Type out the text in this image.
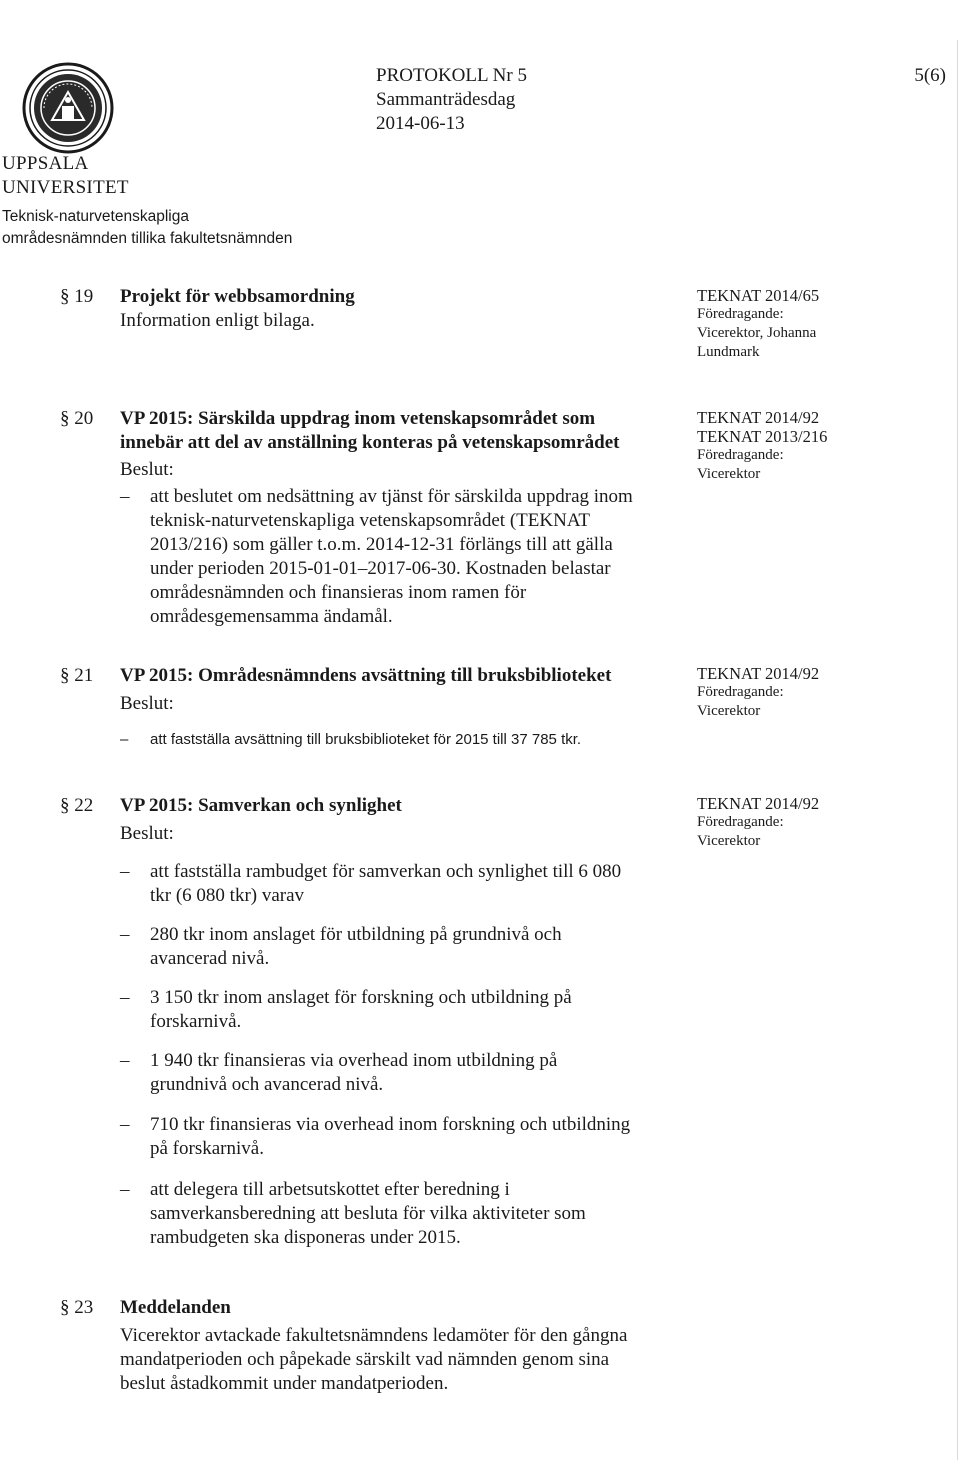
UPPSALA
UNIVERSITET
Teknisk-naturvetenskapliga
områdesnämnden tillika fakultetsnämnden
PROTOKOLL Nr 5
Sammanträdesdag
2014-06-13
5(6)
§ 19 Projekt för webbsamordning
Information enligt bilaga.
TEKNAT 2014/65
Föredragande:
Vicerektor, Johanna
Lundmark
§ 20 VP 2015: Särskilda uppdrag inom vetenskapsområdet som
innebär att del av anställning konteras på vetenskapsområdet
Beslut:
– att beslutet om nedsättning av tjänst för särskilda uppdrag inom
teknisk-naturvetenskapliga vetenskapsområdet (TEKNAT
2013/216) som gäller t.o.m. 2014-12-31 förlängs till att gälla
under perioden 2015-01-01–2017-06-30. Kostnaden belastar
områdesnämnden och finansieras inom ramen för
områdesgemensamma ändamål.
TEKNAT 2014/92
TEKNAT 2013/216
Föredragande:
Vicerektor
§ 21 VP 2015: Områdesnämndens avsättning till bruksbiblioteket
Beslut:
–	att fastställa avsättning till bruksbiblioteket för 2015 till 37 785 tkr.
TEKNAT 2014/92
Föredragande:
Vicerektor
§ 22 VP 2015: Samverkan och synlighet
Beslut:
TEKNAT 2014/92
Föredragande:
Vicerektor
–	att fastställa rambudget för samverkan och synlighet till 6 080
tkr (6 080 tkr) varav
–	280 tkr inom anslaget för utbildning på grundnivå och
avancerad nivå.
–	3 150 tkr inom anslaget för forskning och utbildning på
forskarnivå.
–	1 940 tkr finansieras via overhead inom utbildning på
grundnivå och avancerad nivå.
–	710 tkr finansieras via overhead inom forskning och utbildning
på forskarnivå.
–	att delegera till arbetsutskottet efter beredning i
samverkansberedning att besluta för vilka aktiviteter som
rambudgeten ska disponeras under 2015.
§ 23 Meddelanden
Vicerektor avtackade fakultetsnämndens ledamöter för den gångna
mandatperioden och påpekade särskilt vad nämnden genom sina
beslut åstadkommit under mandatperioden.
